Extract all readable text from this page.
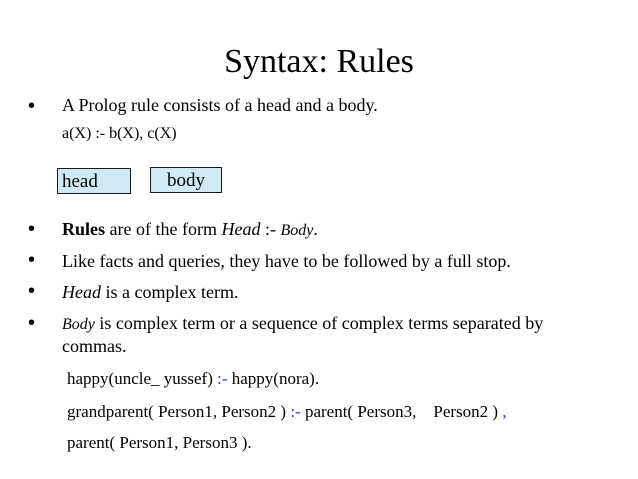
Syntax: Rules
• A Prolog rule consists of a head and a body.
a(X) :- b(X), c(X)
head	body
• Rules are of the form Head :- Body.
• Like facts and queries, they have to be followed by a full stop.
• Head is a complex term.
• Body is complex term or a sequence of complex terms separated by
commas.
happy(uncle_ yussef) :- happy(nora).
grandparent( Person1, Person2 ) :- parent( Person3,    Person2 ) ,
parent( Person1, Person3 ).
